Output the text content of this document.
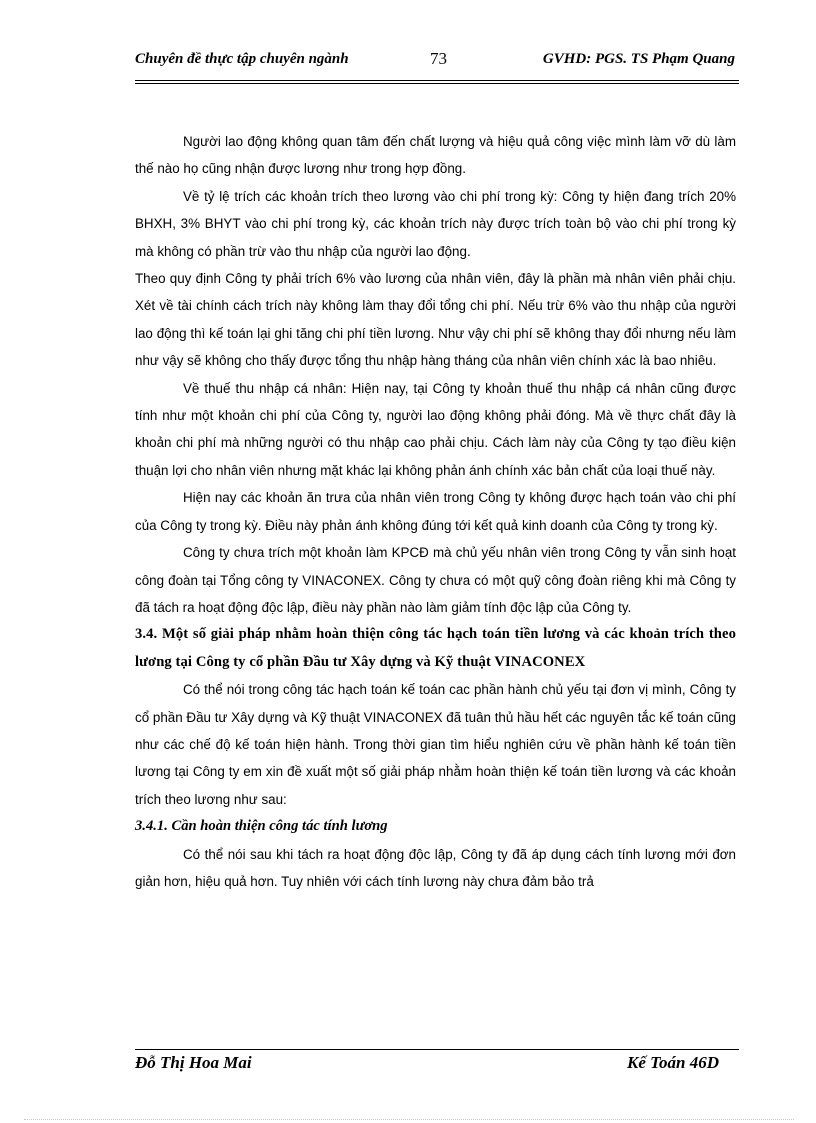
Chuyên đề thực tập chuyên ngành	73	GVHD: PGS. TS Phạm Quang

Người lao động không quan tâm đến chất lượng và hiệu quả công việc mình làm vỡ dù làm thế nào họ cũng nhận được lương như trong hợp đồng.

Về tỷ lệ trích các khoản trích theo lương vào chi phí trong kỳ: Công ty hiện đang trích 20% BHXH, 3% BHYT vào chi phí trong kỳ, các khoản trích này được trích toàn bộ vào chi phí trong kỳ mà không có phần trừ vào thu nhập của người lao động.

Theo quy định Công ty phải trích 6% vào lương của nhân viên, đây là phần mà nhân viên phải chịu. Xét về tài chính cách trích này không làm thay đổi tổng chi phí. Nếu trừ 6% vào thu nhập của người lao động thì kế toán lại ghi tăng chi phí tiền lương. Như vậy chi phí sẽ không thay đổi nhưng nếu làm như vậy sẽ không cho thấy được tổng thu nhập hàng tháng của nhân viên chính xác là bao nhiêu.

Về thuế thu nhập cá nhân: Hiện nay, tại Công ty khoản thuế thu nhập cá nhân cũng được tính như một khoản chi phí của Công ty, người lao động không phải đóng. Mà về thực chất đây là khoản chi phí mà những người có thu nhập cao phải chịu. Cách làm này của Công ty tạo điều kiện thuận lợi cho nhân viên nhưng mặt khác lại không phản ánh chính xác bản chất của loại thuế này.

Hiện nay các khoản ăn trưa của nhân viên trong Công ty không được hạch toán vào chi phí của Công ty trong kỳ. Điều này phản ánh không đúng tới kết quả kinh doanh của Công ty trong kỳ.

Công ty chưa trích một khoản làm KPCĐ mà chủ yếu nhân viên trong Công ty vẫn sinh hoạt công đoàn tại Tổng công ty VINACONEX. Công ty chưa có một quỹ công đoàn riêng khi mà Công ty đã tách ra hoạt động độc lập, điều này phần nào làm giảm tính độc lập của Công ty.

3.4. Một số giải pháp nhằm hoàn thiện công tác hạch toán tiền lương và các khoản trích theo lương tại Công ty cổ phần Đầu tư Xây dựng và Kỹ thuật VINACONEX

Có thể nói trong công tác hạch toán kế toán cac phần hành chủ yếu tại đơn vị mình, Công ty cổ phần Đầu tư Xây dựng và Kỹ thuật VINACONEX đã tuân thủ hầu hết các nguyên tắc kế toán cũng như các chế độ kế toán hiện hành. Trong thời gian tìm hiểu nghiên cứu về phần hành kế toán tiền lương tại Công ty em xin đề xuất một số giải pháp nhằm hoàn thiện kế toán tiền lương và các khoản trích theo lương như sau:

3.4.1. Cần hoàn thiện công tác tính lương

Có thể nói sau khi tách ra hoạt động độc lập, Công ty đã áp dụng cách tính lương mới đơn giản hơn, hiệu quả hơn. Tuy nhiên với cách tính lương này chưa đảm bảo trả

Đỗ Thị Hoa Mai	Kế Toán 46D
